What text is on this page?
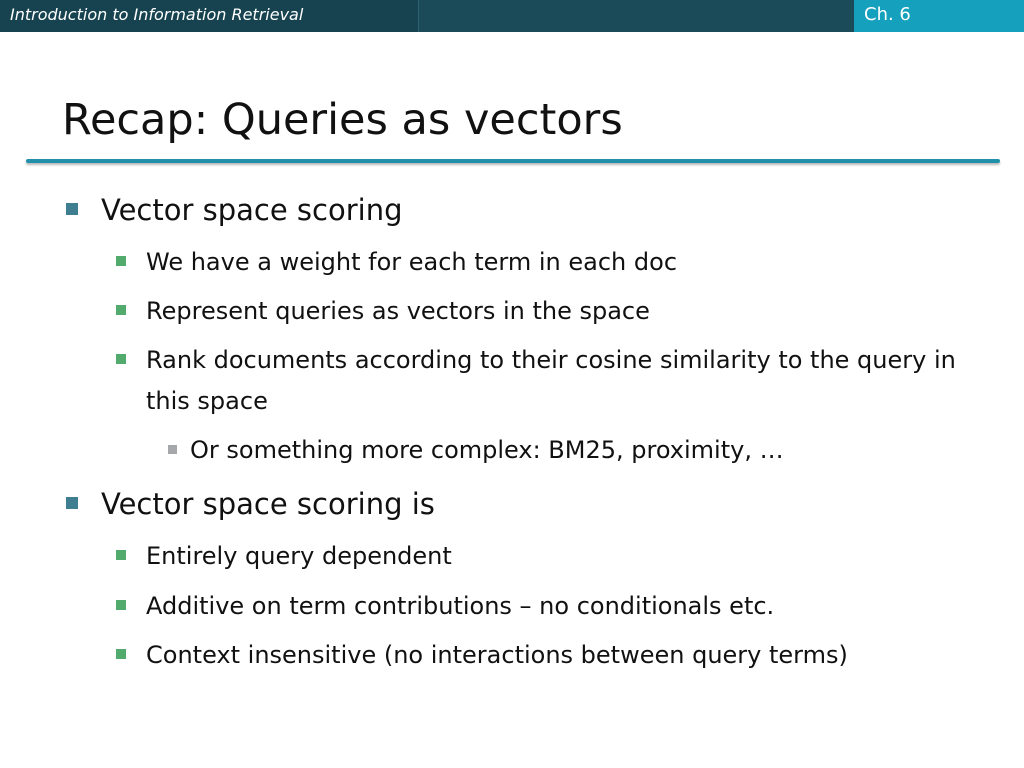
Introduction to Information Retrieval	Ch. 6
Recap: Queries as vectors
Vector space scoring
We have a weight for each term in each doc
Represent queries as vectors in the space
Rank documents according to their cosine similarity to the query in this space
Or something more complex: BM25, proximity, …
Vector space scoring is
Entirely query dependent
Additive on term contributions – no conditionals etc.
Context insensitive (no interactions between query terms)
